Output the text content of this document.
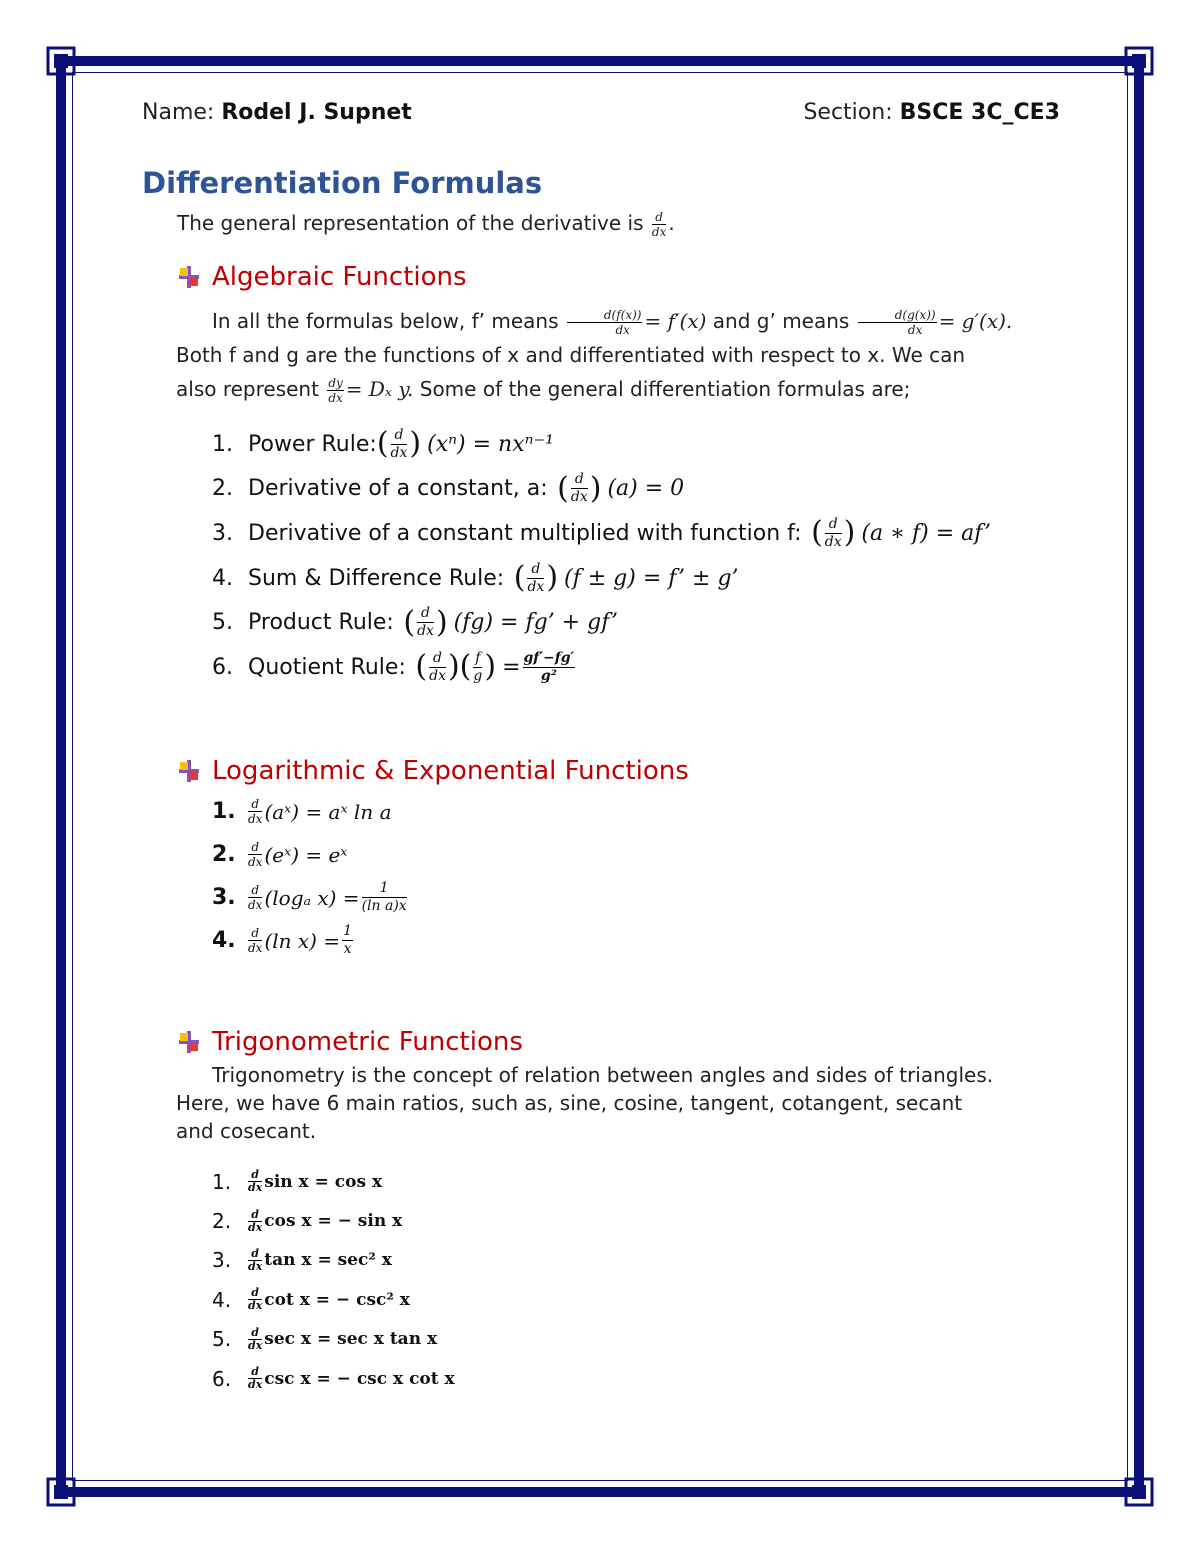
Name: Rodel J. Supnet	Section: BSCE 3C_CE3
Differentiation Formulas
The general representation of the derivative is $\frac{d}{dx}$ .
Algebraic Functions
In all the formulas below, f’ means $\frac{d(f(x))}{dx} = f'(x)$ and g’ means $\frac{d(g(x))}{dx} = g'(x)$.
Both f and g are the functions of x and differentiated with respect to x. We can
also represent $\frac{dy}{dx} = D_x$ y. Some of the general differentiation formulas are;
1. Power Rule: ( $\frac{d}{dx}$ ) (xⁿ) = nxⁿ⁻¹
2. Derivative of a constant, a: ( $\frac{d}{dx}$ ) (a) = 0
3. Derivative of a constant multiplied with function f: ( $\frac{d}{dx}$ ) (a ∗ f) = af’
4. Sum & Difference Rule: ( $\frac{d}{dx}$ ) (f ± g) = f’ ± g’
5. Product Rule: ( $\frac{d}{dx}$ ) (fg) = fg’ + gf’
6. Quotient Rule: ( $\frac{d}{dx}$ )( $\frac{f}{g}$ ) = $\frac{gf'-fg'}{\text{g²}}$
Logarithmic & Exponential Functions
1.	$\frac{d}{dx}$ (aˣ) = aˣ ln a
2.	$\frac{d}{dx}$ (eˣ) = eˣ
3.	$\frac{d}{dx} (\log_a$ $x) = \frac{1}{\text{(ln a)x}}$
4.	$\frac{d}{dx} (\ln$ $x) = \frac{1}{x}$
Trigonometric Functions
Trigonometry is the concept of relation between angles and sides of triangles.
Here, we have 6 main ratios, such as, sine, cosine, tangent, cotangent, secant
and cosecant.
1.	$\frac{d}{dx}$ sin x = cos x
2.	$\frac{d}{dx}$ cos x = − sin x
3.	$\frac{d}{dx}$ tan x = sec² x
4.	$\frac{d}{dx}$ cot x = − csc² x
5.	$\frac{d}{dx}$ sec x = sec x tan x
6.	$\frac{d}{dx}$ csc x = − csc x cot x
